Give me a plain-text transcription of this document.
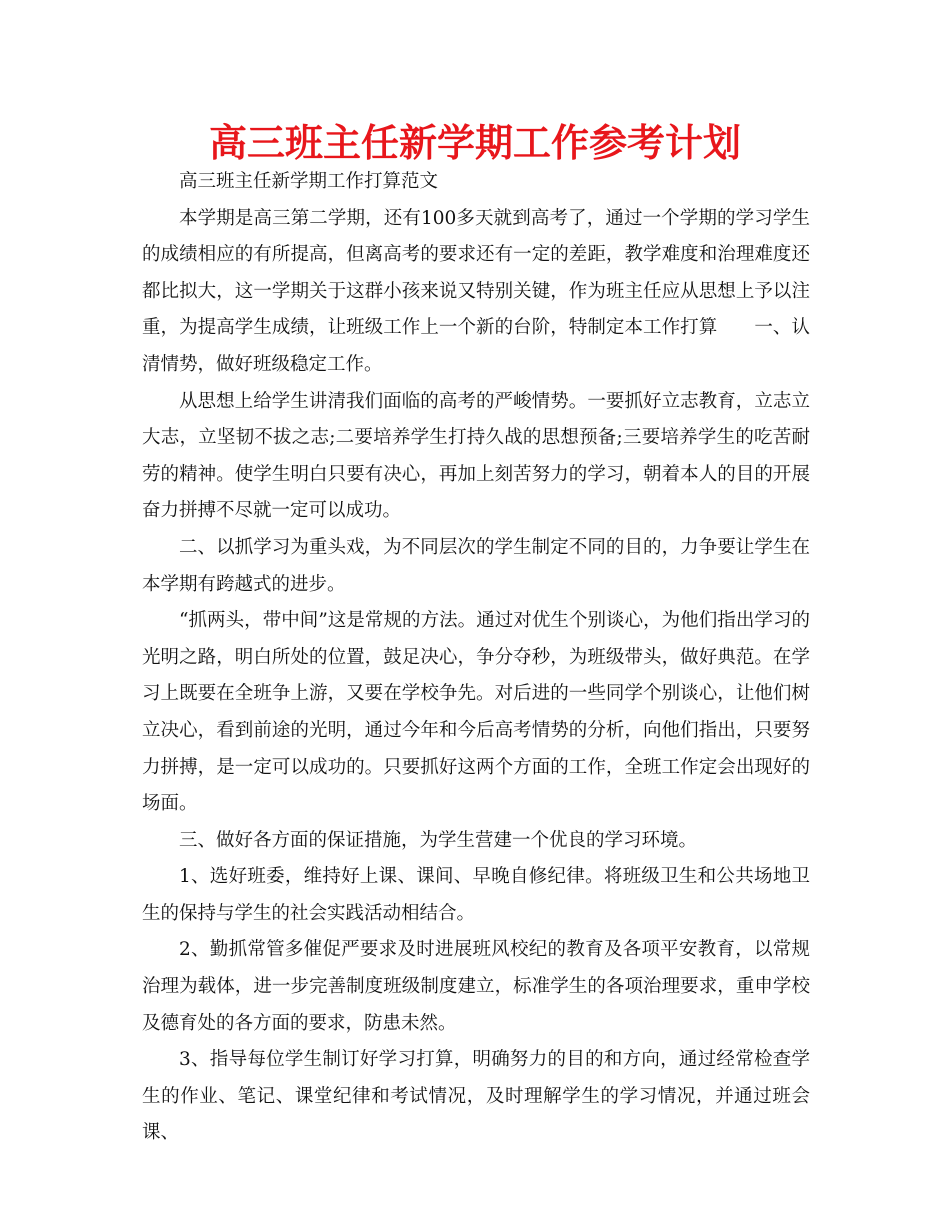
高三班主任新学期工作参考计划

高三班主任新学期工作打算范文

本学期是高三第二学期，还有100多天就到高考了，通过一个学期的学习学生的成绩相应的有所提高，但离高考的要求还有一定的差距，教学难度和治理难度还都比拟大，这一学期关于这群小孩来说又特别关键，作为班主任应从思想上予以注重，为提高学生成绩，让班级工作上一个新的台阶，特制定本工作打算　　一、认清情势，做好班级稳定工作。

从思想上给学生讲清我们面临的高考的严峻情势。一要抓好立志教育，立志立大志，立坚韧不拔之志;二要培养学生打持久战的思想预备;三要培养学生的吃苦耐劳的精神。使学生明白只要有决心，再加上刻苦努力的学习，朝着本人的目的开展奋力拼搏不尽就一定可以成功。

二、以抓学习为重头戏，为不同层次的学生制定不同的目的，力争要让学生在本学期有跨越式的进步。

“抓两头，带中间”这是常规的方法。通过对优生个别谈心，为他们指出学习的光明之路，明白所处的位置，鼓足决心，争分夺秒，为班级带头，做好典范。在学习上既要在全班争上游，又要在学校争先。对后进的一些同学个别谈心，让他们树立决心，看到前途的光明，通过今年和今后高考情势的分析，向他们指出，只要努力拼搏，是一定可以成功的。只要抓好这两个方面的工作，全班工作定会出现好的场面。

三、做好各方面的保证措施，为学生营建一个优良的学习环境。

1、选好班委，维持好上课、课间、早晚自修纪律。将班级卫生和公共场地卫生的保持与学生的社会实践活动相结合。

2、勤抓常管多催促严要求及时进展班风校纪的教育及各项平安教育，以常规治理为载体，进一步完善制度班级制度建立，标准学生的各项治理要求，重申学校及德育处的各方面的要求，防患未然。

3、指导每位学生制订好学习打算，明确努力的目的和方向，通过经常检查学生的作业、笔记、课堂纪律和考试情况，及时理解学生的学习情况，并通过班会课、
